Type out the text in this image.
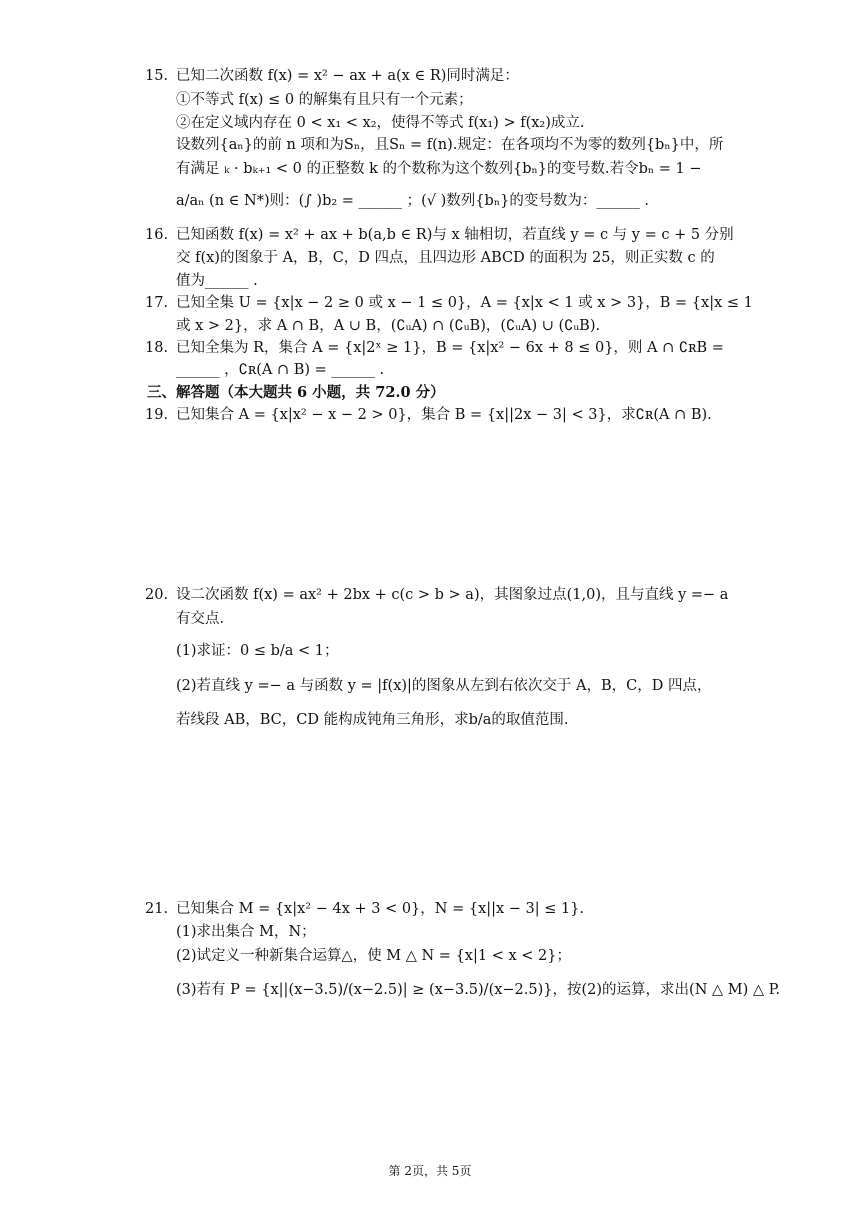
15. 已知二次函数 f(x) = x² − ax + a(x ∈ R)同时满足：
①不等式 f(x) ≤ 0 的解集有且只有一个元素；
②在定义域内存在 0 < x₁ < x₂，使得不等式 f(x₁) > f(x₂)成立.
设数列{aₙ}的前 n 项和为Sₙ，且Sₙ = f(n).规定：在各项均不为零的数列{bₙ}中，所
有满足 ₖ · bₖ₊₁ < 0 的正整数 k 的个数称为这个数列{bₙ}的变号数.若令bₙ = 1 −
a/aₙ (n ∈ N*)则：(∫ )b₂ = ______ ；(√ )数列{bₙ}的变号数为：______ .
16. 已知函数 f(x) = x² + ax + b(a,b ∈ R)与 x 轴相切，若直线 y = c 与 y = c + 5 分别
交 f(x)的图象于 A，B，C，D 四点，且四边形 ABCD 的面积为 25，则正实数 c 的
值为______ .
17. 已知全集 U = {x|x − 2 ≥ 0 或 x − 1 ≤ 0}，A = {x|x < 1 或 x > 3}，B = {x|x ≤ 1
或 x > 2}，求 A ∩ B，A ∪ B，(∁ᵤA) ∩ (∁ᵤB)，(∁ᵤA) ∪ (∁ᵤB).
18. 已知全集为 R，集合 A = {x|2ˣ ≥ 1}，B = {x|x² − 6x + 8 ≤ 0}，则 A ∩ ∁ʀB =
______ ，∁ʀ(A ∩ B) = ______ .
三、解答题（本大题共 6 小题，共 72.0 分）
19. 已知集合 A = {x|x² − x − 2 > 0}，集合 B = {x||2x − 3| < 3}，求∁ʀ(A ∩ B).
20. 设二次函数 f(x) = ax² + 2bx + c(c > b > a)，其图象过点(1,0)，且与直线 y =− a
有交点.
(1)求证：0 ≤ b/a < 1；
(2)若直线 y =− a 与函数 y = |f(x)|的图象从左到右依次交于 A，B，C，D 四点，
若线段 AB，BC，CD 能构成钝角三角形，求b/a的取值范围.
21. 已知集合 M = {x|x² − 4x + 3 < 0}，N = {x||x − 3| ≤ 1}.
(1)求出集合 M，N；
(2)试定义一种新集合运算△，使 M △ N = {x|1 < x < 2}；
(3)若有 P = {x||(x−3.5)/(x−2.5)| ≥ (x−3.5)/(x−2.5)}，按(2)的运算，求出(N △ M) △ P.
第 2页，共 5页
